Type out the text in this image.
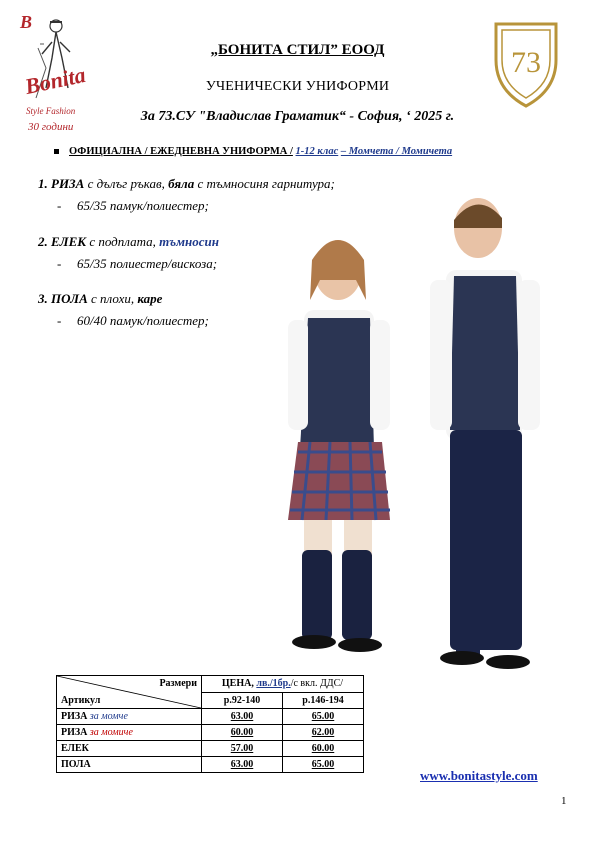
B
Bonita
Style Fashion
30 години
73
„БОНИТА СТИЛ” ЕООД
УЧЕНИЧЕСКИ УНИФОРМИ
За 73.СУ "Владислав Граматик“ - София, ‘ 2025 г.
ОФИЦИАЛНА / ЕЖЕДНЕВНА УНИФОРМА / 1-12 клас – Момчета / Момичета
1. РИЗА с дълъг ръкав, бяла с тъмносиня гарнитура;
- 65/35 памук/полиестер;
2. ЕЛЕК с подплата, тъмносин
- 65/35 полиестер/вискоза;
3. ПОЛА с плохи, каре
- 60/40 памук/полиестер;
Размери
Артикул	ЦЕНА, лв./1бр./с вкл. ДДС/	
	р.92-140	р.146-194
РИЗА за момче	63.00	65.00
РИЗА за момиче	60.00	62.00
ЕЛЕК	57.00	60.00
ПОЛА	63.00	65.00
www.bonitastyle.com
1
